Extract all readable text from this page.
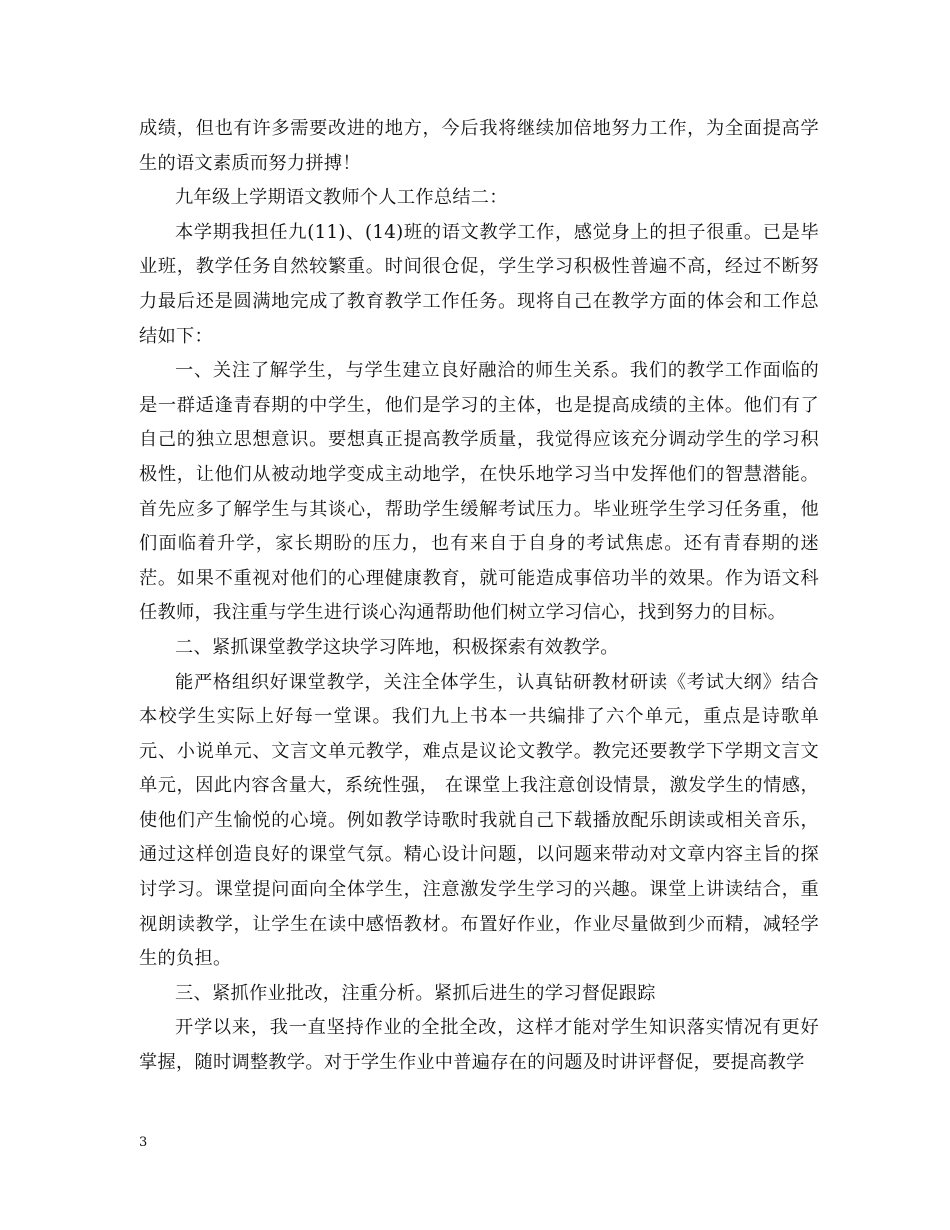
成绩，但也有许多需要改进的地方，今后我将继续加倍地努力工作，为全面提高学生的语文素质而努力拼搏！

九年级上学期语文教师个人工作总结二：

本学期我担任九(11)、(14)班的语文教学工作，感觉身上的担子很重。已是毕业班，教学任务自然较繁重。时间很仓促，学生学习积极性普遍不高，经过不断努力最后还是圆满地完成了教育教学工作任务。现将自己在教学方面的体会和工作总结如下：

一、关注了解学生，与学生建立良好融洽的师生关系。我们的教学工作面临的是一群适逢青春期的中学生，他们是学习的主体，也是提高成绩的主体。他们有了自己的独立思想意识。要想真正提高教学质量，我觉得应该充分调动学生的学习积极性，让他们从被动地学变成主动地学，在快乐地学习当中发挥他们的智慧潜能。首先应多了解学生与其谈心，帮助学生缓解考试压力。毕业班学生学习任务重，他们面临着升学，家长期盼的压力，也有来自于自身的考试焦虑。还有青春期的迷茫。如果不重视对他们的心理健康教育，就可能造成事倍功半的效果。作为语文科任教师，我注重与学生进行谈心沟通帮助他们树立学习信心，找到努力的目标。

二、紧抓课堂教学这块学习阵地，积极探索有效教学。

能严格组织好课堂教学，关注全体学生，认真钻研教材研读《考试大纲》结合本校学生实际上好每一堂课。我们九上书本一共编排了六个单元，重点是诗歌单元、小说单元、文言文单元教学，难点是议论文教学。教完还要教学下学期文言文单元，因此内容含量大，系统性强， 在课堂上我注意创设情景，激发学生的情感，使他们产生愉悦的心境。例如教学诗歌时我就自己下载播放配乐朗读或相关音乐，通过这样创造良好的课堂气氛。精心设计问题，以问题来带动对文章内容主旨的探讨学习。课堂提问面向全体学生，注意激发学生学习的兴趣。课堂上讲读结合，重视朗读教学，让学生在读中感悟教材。布置好作业，作业尽量做到少而精，减轻学生的负担。

三、紧抓作业批改，注重分析。紧抓后进生的学习督促跟踪

开学以来，我一直坚持作业的全批全改，这样才能对学生知识落实情况有更好掌握，随时调整教学。对于学生作业中普遍存在的问题及时讲评督促，要提高教学

3
